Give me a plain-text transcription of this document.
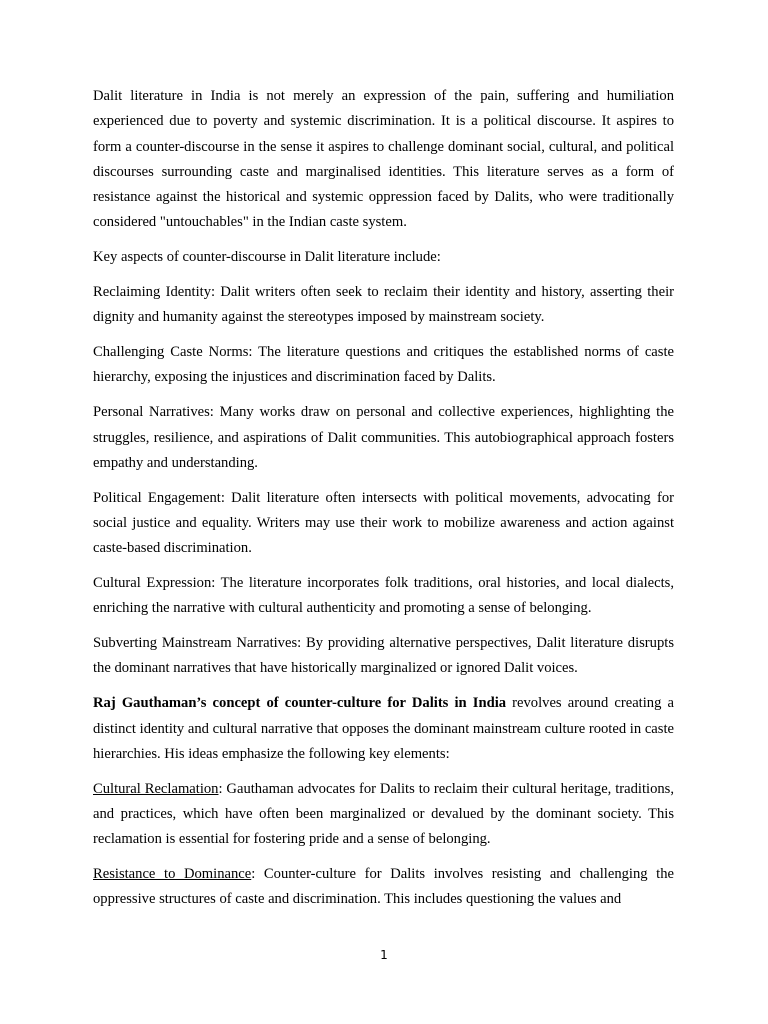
Dalit literature in India is not merely an expression of the pain, suffering and humiliation experienced due to poverty and systemic discrimination. It is a political discourse. It aspires to form a counter-discourse in the sense it aspires to challenge dominant social, cultural, and political discourses surrounding caste and marginalised identities. This literature serves as a form of resistance against the historical and systemic oppression faced by Dalits, who were traditionally considered "untouchables" in the Indian caste system.

Key aspects of counter-discourse in Dalit literature include:

Reclaiming Identity: Dalit writers often seek to reclaim their identity and history, asserting their dignity and humanity against the stereotypes imposed by mainstream society.

Challenging Caste Norms: The literature questions and critiques the established norms of caste hierarchy, exposing the injustices and discrimination faced by Dalits.

Personal Narratives: Many works draw on personal and collective experiences, highlighting the struggles, resilience, and aspirations of Dalit communities. This autobiographical approach fosters empathy and understanding.

Political Engagement: Dalit literature often intersects with political movements, advocating for social justice and equality. Writers may use their work to mobilize awareness and action against caste-based discrimination.

Cultural Expression: The literature incorporates folk traditions, oral histories, and local dialects, enriching the narrative with cultural authenticity and promoting a sense of belonging.

Subverting Mainstream Narratives: By providing alternative perspectives, Dalit literature disrupts the dominant narratives that have historically marginalized or ignored Dalit voices.

Raj Gauthaman’s concept of counter-culture for Dalits in India revolves around creating a distinct identity and cultural narrative that opposes the dominant mainstream culture rooted in caste hierarchies. His ideas emphasize the following key elements:

Cultural Reclamation: Gauthaman advocates for Dalits to reclaim their cultural heritage, traditions, and practices, which have often been marginalized or devalued by the dominant society. This reclamation is essential for fostering pride and a sense of belonging.

Resistance to Dominance: Counter-culture for Dalits involves resisting and challenging the oppressive structures of caste and discrimination. This includes questioning the values and

1
